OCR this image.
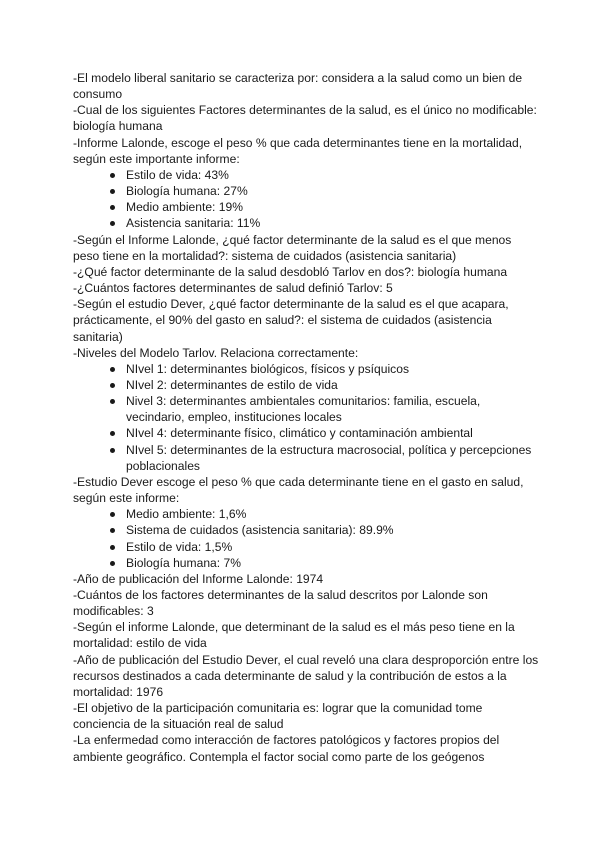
-El modelo liberal sanitario se caracteriza por: considera a la salud como un bien de consumo

-Cual de los siguientes Factores determinantes de la salud, es el único no modificable: biología humana

-Informe Lalonde, escoge el peso % que cada determinantes tiene en la mortalidad, según este importante informe:

Estilo de vida: 43%
Biología humana: 27%
Medio ambiente: 19%
Asistencia sanitaria: 11%

-Según el Informe Lalonde, ¿qué factor determinante de la salud es el que menos peso tiene en la mortalidad?: sistema de cuidados (asistencia sanitaria)

-¿Qué factor determinante de la salud desdobló Tarlov en dos?: biología humana

-¿Cuántos factores determinantes de salud definió Tarlov: 5

-Según el estudio Dever, ¿qué factor determinante de la salud es el que acapara, prácticamente, el 90% del gasto en salud?: el sistema de cuidados (asistencia sanitaria)

-Niveles del Modelo Tarlov. Relaciona correctamente:

NIvel 1: determinantes biológicos, físicos y psíquicos
NIvel 2: determinantes de estilo de vida
Nivel 3: determinantes ambientales comunitarios: familia, escuela, vecindario, empleo, instituciones locales
NIvel 4: determinante físico, climático y contaminación ambiental
NIvel 5: determinantes de la estructura macrosocial, política y percepciones poblacionales

-Estudio Dever escoge el peso % que cada determinante tiene en el gasto en salud, según este informe:

Medio ambiente: 1,6%
Sistema de cuidados (asistencia sanitaria): 89.9%
Estilo de vida: 1,5%
Biología humana: 7%

-Año de publicación del Informe Lalonde: 1974

-Cuántos de los factores determinantes de la salud descritos por Lalonde son modificables: 3

-Según el informe Lalonde, que determinant de la salud es el más peso tiene en la mortalidad: estilo de vida

-Año de publicación del Estudio Dever, el cual reveló una clara desproporción entre los recursos destinados a cada determinante de salud y la contribución de estos a la mortalidad: 1976

-El objetivo de la participación comunitaria es: lograr que la comunidad tome conciencia de la situación real de salud

-La enfermedad como interacción de factores patológicos y factores propios del ambiente geográfico. Contempla el factor social como parte de los geógenos
